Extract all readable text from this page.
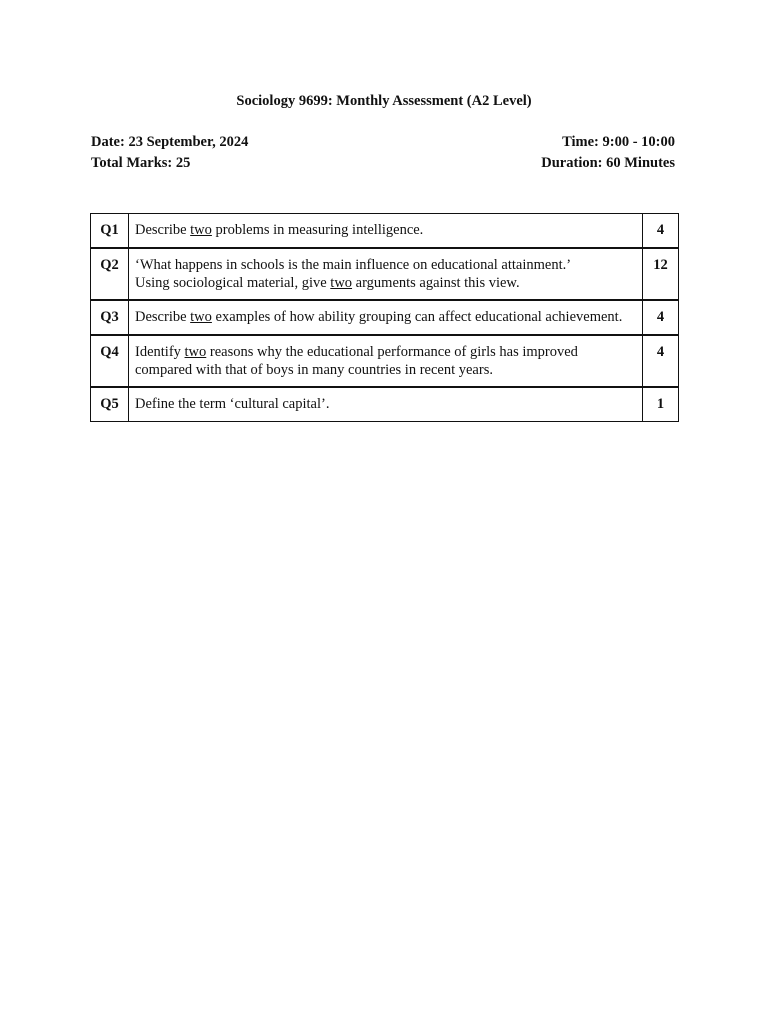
Sociology 9699: Monthly Assessment (A2 Level)
Date: 23 September, 2024
Total Marks: 25
Time: 9:00 - 10:00
Duration: 60 Minutes
Q1	Describe two problems in measuring intelligence.	4
Q2	‘What happens in schools is the main influence on educational attainment.’
Using sociological material, give two arguments against this view.	12
Q3	Describe two examples of how ability grouping can affect educational achievement.	4
Q4	Identify two reasons why the educational performance of girls has improved compared with that of boys in many countries in recent years.	4
Q5	Define the term ‘cultural capital’.	1
